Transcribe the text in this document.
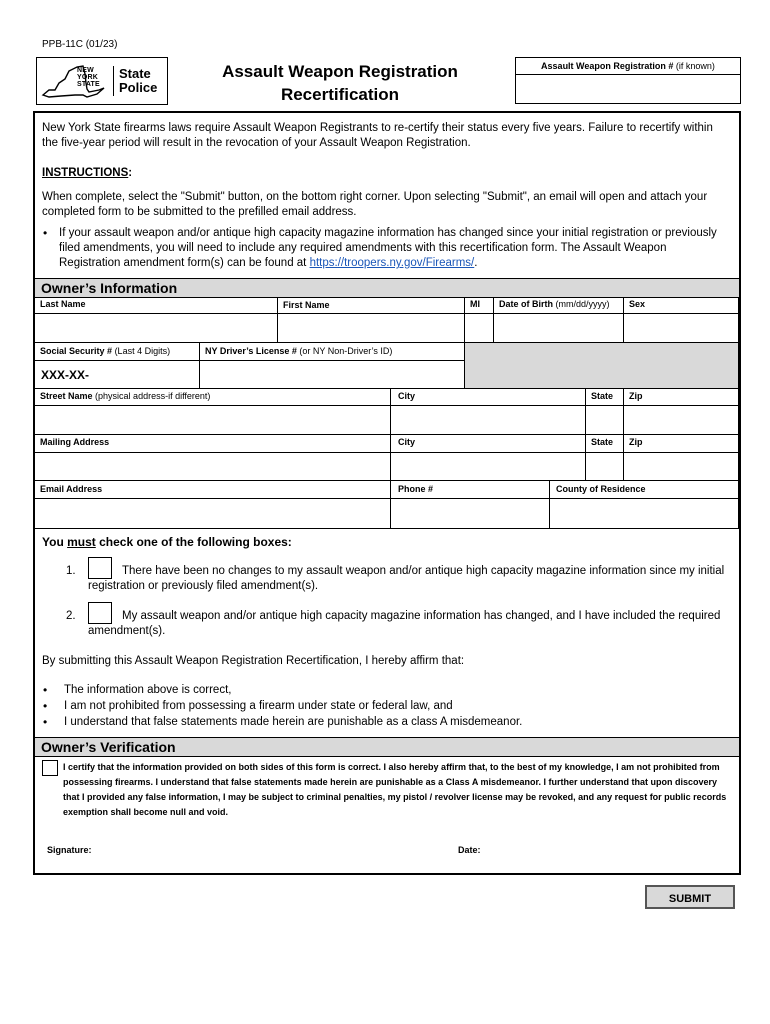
PPB-11C (01/23)
NEW
YORK
STATE
State
Police
Assault Weapon Registration
Recertification
Assault Weapon Registration # (if known)
New York State firearms laws require Assault Weapon Registrants to re-certify their status every five years. Failure to recertify within the five-year period will result in the revocation of your Assault Weapon Registration.
INSTRUCTIONS:
When complete, select the "Submit" button, on the bottom right corner. Upon selecting "Submit", an email will open and attach your completed form to be submitted to the prefilled email address.
• If your assault weapon and/or antique high capacity magazine information has changed since your initial registration or previously filed amendments, you will need to include any required amendments with this recertification form. The Assault Weapon Registration amendment form(s) can be found at https://troopers.ny.gov/Firearms/.
Owner’s Information
Last Name	First Name	MI Date of Birth (mm/dd/yyyy) Sex
Social Security # (Last 4 Digits)
XXX-XX-
NY Driver’s License # (or NY Non-Driver’s ID)
Street Name (physical address-if different)	City	State Zip
Mailing Address	City	State Zip
Email Address	Phone #	County of Residence
You must check one of the following boxes:
1.	There have been no changes to my assault weapon and/or antique high capacity magazine information since my initial registration or previously filed amendment(s).
2.	My assault weapon and/or antique high capacity magazine information has changed, and I have included the required amendment(s).
By submitting this Assault Weapon Registration Recertification, I hereby affirm that:
• The information above is correct,
• I am not prohibited from possessing a firearm under state or federal law, and
• I understand that false statements made herein are punishable as a class A misdemeanor.
Owner’s Verification
I certify that the information provided on both sides of this form is correct. I also hereby affirm that, to the best of my knowledge, I am not prohibited from possessing firearms. I understand that false statements made herein are punishable as a Class A misdemeanor. I further understand that upon discovery that I provided any false information, I may be subject to criminal penalties, my pistol / revolver license may be revoked, and any request for public records exemption shall become null and void.
Signature:	Date:
SUBMIT
